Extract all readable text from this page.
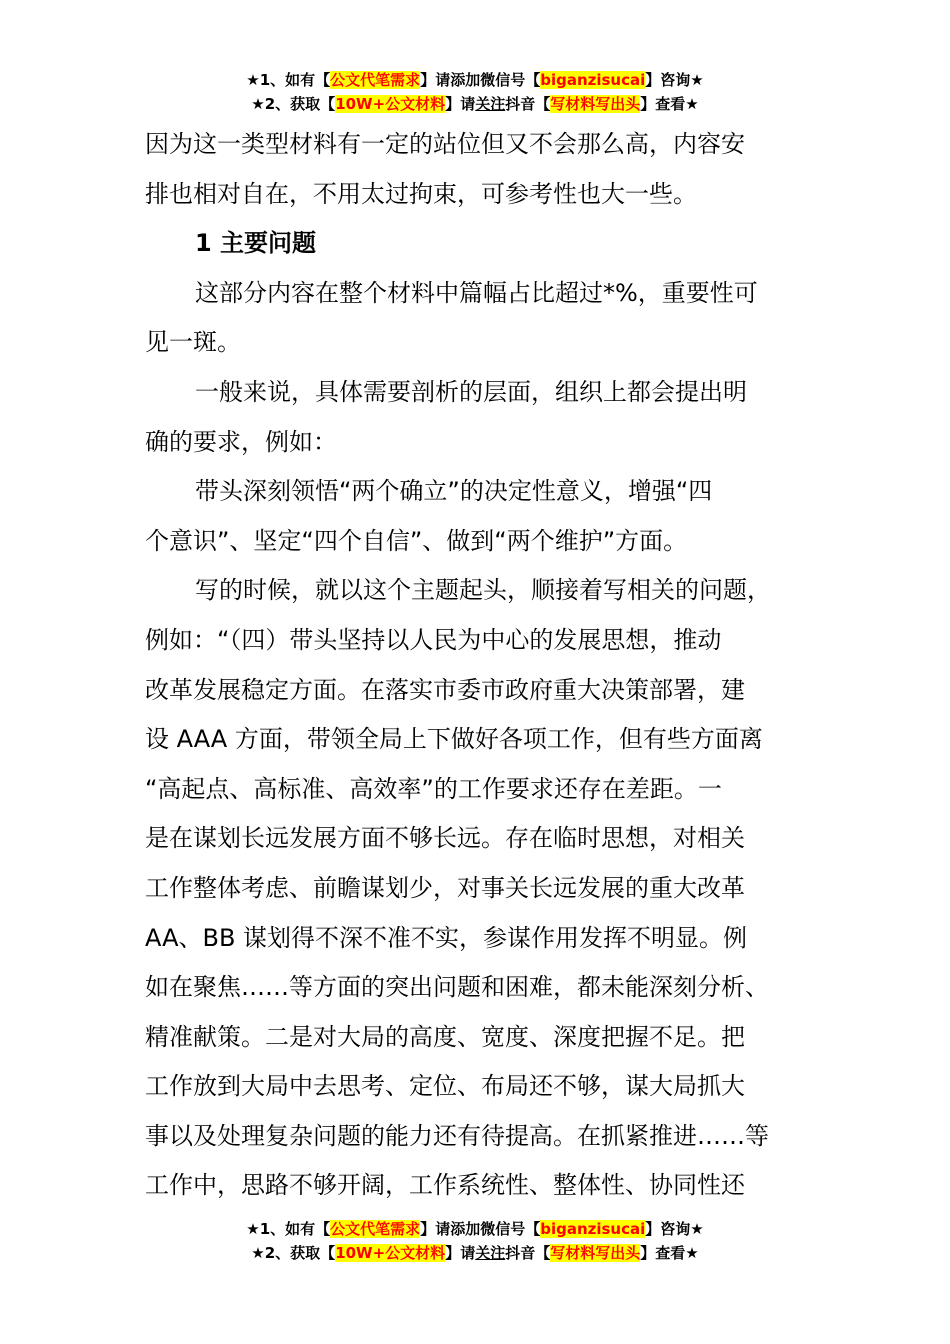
★1、如有【公文代笔需求】请添加微信号【biganzisucai】咨询★
★2、获取【10W+公文材料】请关注抖音【写材料写出头】查看★

因为这一类型材料有一定的站位但又不会那么高，内容安
排也相对自在，不用太过拘束，可参考性也大一些。

1 主要问题

这部分内容在整个材料中篇幅占比超过*%，重要性可
见一斑。

一般来说，具体需要剖析的层面，组织上都会提出明
确的要求，例如：

带头深刻领悟“两个确立”的决定性意义，增强“四
个意识”、坚定“四个自信”、做到“两个维护”方面。

写的时候，就以这个主题起头，顺接着写相关的问题，
例如：“（四）带头坚持以人民为中心的发展思想，推动
改革发展稳定方面。在落实市委市政府重大决策部署，建
设 AAA 方面，带领全局上下做好各项工作，但有些方面离
“高起点、高标准、高效率”的工作要求还存在差距。一
是在谋划长远发展方面不够长远。存在临时思想，对相关
工作整体考虑、前瞻谋划少，对事关长远发展的重大改革
AA、BB 谋划得不深不准不实，参谋作用发挥不明显。例
如在聚焦……等方面的突出问题和困难，都未能深刻分析、
精准献策。二是对大局的高度、宽度、深度把握不足。把
工作放到大局中去思考、定位、布局还不够，谋大局抓大
事以及处理复杂问题的能力还有待提高。在抓紧推进……等
工作中，思路不够开阔，工作系统性、整体性、协同性还

★1、如有【公文代笔需求】请添加微信号【biganzisucai】咨询★
★2、获取【10W+公文材料】请关注抖音【写材料写出头】查看★
